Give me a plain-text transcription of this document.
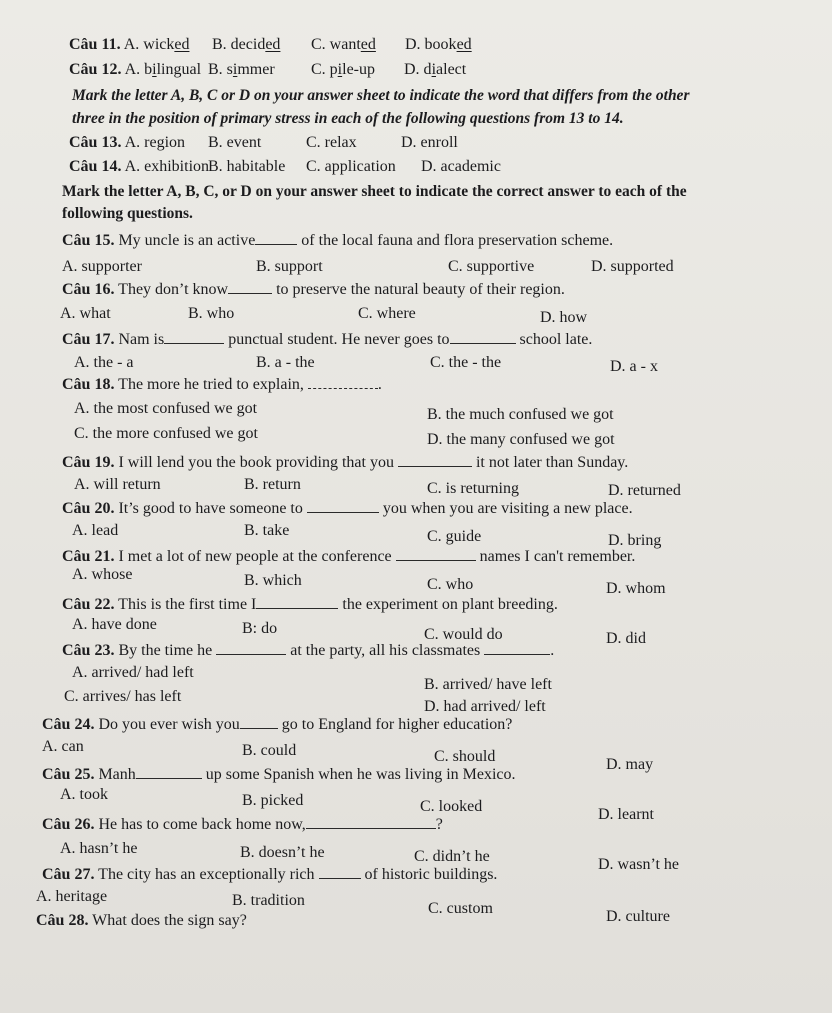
Câu 11. A. wicked B. decided C. wanted D. booked
Câu 12. A. bilingual B. simmer C. pile-up D. dialect
Mark the letter A, B, C or D on your answer sheet to indicate the word that differs from the other
three in the position of primary stress in each of the following questions from 13 to 14.
Câu 13. A. region B. event	C. relax	D. enroll
Câu 14. A. exhibition
B. habitable C. application D. academic
Mark the letter A, B, C, or D on your answer sheet to indicate the correct answer to each of the
following questions.
Câu 15. My uncle is an active	of the local fauna and flora preservation scheme.
A. supporter	B. support	C. supportive	D. supported
Câu 16. They don’t know	to preserve the natural beauty of their region.
A. what	B. who	C. where	D. how
Câu 17. Nam is	punctual student. He never goes to	school late.
A. the - a	B. a - the	C. the - the	D. a - x
Câu 18. The more he tried to explain,	.
A. the most confused we got	B. the much confused we got
C. the more confused we got	D. the many confused we got
Câu 19. I will lend you the book providing that you	it not later than Sunday.
A. will return	B. return	C. is returning	D. returned
Câu 20. It’s good to have someone to	you when you are visiting a new place.
A. lead	B. take	C. guide	D. bring
Câu 21. I met a lot of new people at the conference	names I can't remember.
A. whose	B. which	C. who	D. whom
Câu 22. This is the first time I	the experiment on plant breeding.
A. have done	B: do	C. would do	D. did
Câu 23. By the time he	at the party, all his classmates	.
A. arrived/ had left
B. arrived/ have left
C. arrives/ has left
D. had arrived/ left
Câu 24. Do you ever wish you	go to England for higher education?
A. can	B. could	C. should	D. may
Câu 25. Manh	up some Spanish when he was living in Mexico.
A. took	B. picked	C. looked	D. learnt
Câu 26. He has to come back home now,	?
A. hasn’t he	B. doesn’t he	C. didn’t he	D. wasn’t he
Câu 27. The city has an exceptionally rich	of historic buildings.
A. heritage	B. tradition	C. custom	D. culture
Câu 28. What does the sign say?
